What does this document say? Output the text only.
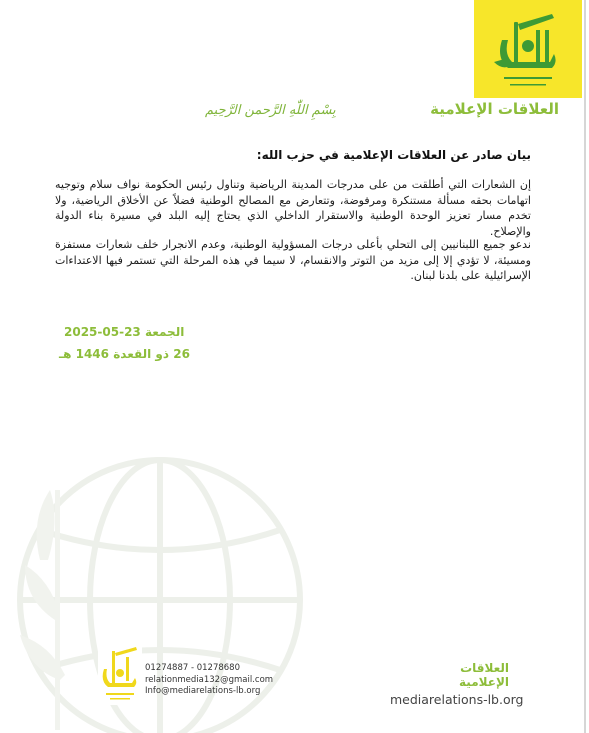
العلاقات الإعلامية
بِسْمِ اللّٰهِ الرَّحمن الرَّحِيم
بيان صادر عن العلاقات الإعلامية في حزب الله:

إن الشعارات التي أطلقت من على مدرجات المدينة الرياضية وتناول رئيس الحكومة نواف سلام وتوجيه اتهامات بحقه مسألة مستنكرة ومرفوضة، وتتعارض مع المصالح الوطنية فضلاً عن الأخلاق الرياضية، ولا تخدم مسار تعزيز الوحدة الوطنية والاستقرار الداخلي الذي يحتاج إليه البلد في مسيرة بناء الدولة والإصلاح.

ندعو جميع اللبنانيين إلى التحلي بأعلى درجات المسؤولية الوطنية، وعدم الانجرار خلف شعارات مستفزة ومسيئة، لا تؤدي إلا إلى مزيد من التوتر والانقسام، لا سيما في هذه المرحلة التي تستمر فيها الاعتداءات الإسرائيلية على بلدنا لبنان.

الجمعة 23-05-2025
26 ذو القعدة 1446 هـ
01274887 - 01278680
relationmedia132@gmail.com
Info@mediarelations-lb.org
العلاقات
الإعلامية
mediarelations-lb.org
